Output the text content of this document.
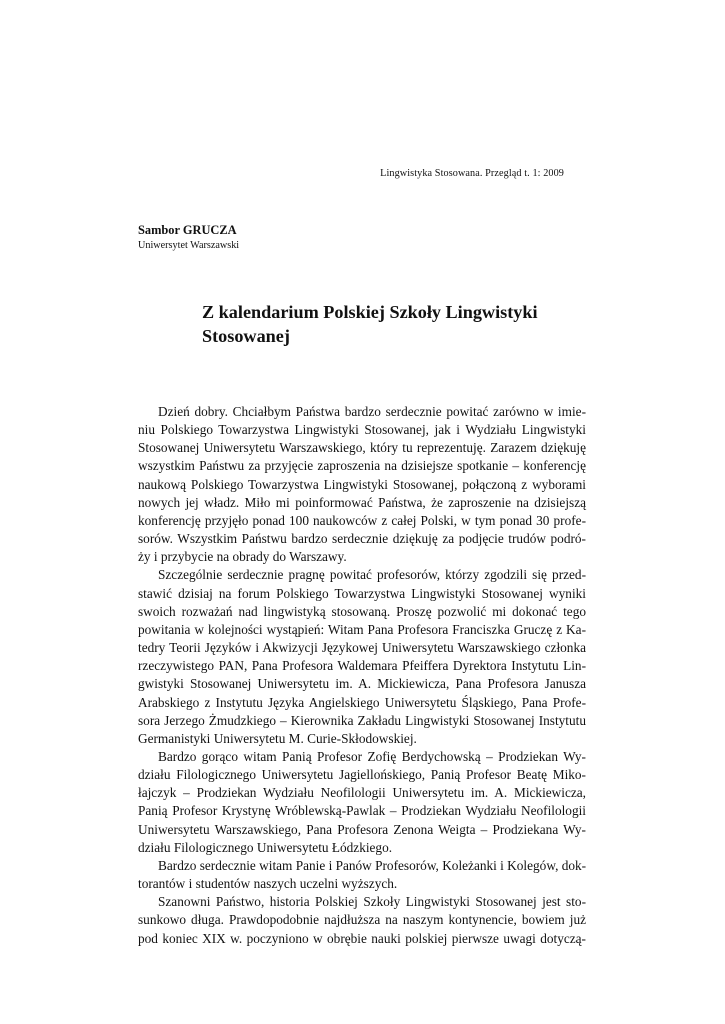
Lingwistyka Stosowana. Przegląd t. 1: 2009
Sambor GRUCZA
Uniwersytet Warszawski
Z kalendarium Polskiej Szkoły Lingwistyki
Stosowanej
Dzień dobry. Chciałbym Państwa bardzo serdecznie powitać zarówno w imie-
niu Polskiego Towarzystwa Lingwistyki Stosowanej, jak i Wydziału Lingwistyki
Stosowanej Uniwersytetu Warszawskiego, który tu reprezentuję. Zarazem dziękuję
wszystkim Państwu za przyjęcie zaproszenia na dzisiejsze spotkanie – konferencję
naukową Polskiego Towarzystwa Lingwistyki Stosowanej, połączoną z wyborami
nowych jej władz. Miło mi poinformować Państwa, że zaproszenie na dzisiejszą
konferencję przyjęło ponad 100 naukowców z całej Polski, w tym ponad 30 profe-
sorów. Wszystkim Państwu bardzo serdecznie dziękuję za podjęcie trudów podró-
ży i przybycie na obrady do Warszawy.
Szczególnie serdecznie pragnę powitać profesorów, którzy zgodzili się przed-
stawić dzisiaj na forum Polskiego Towarzystwa Lingwistyki Stosowanej wyniki
swoich rozważań nad lingwistyką stosowaną. Proszę pozwolić mi dokonać tego
powitania w kolejności wystąpień: Witam Pana Profesora Franciszka Gruczę z Ka-
tedry Teorii Języków i Akwizycji Językowej Uniwersytetu Warszawskiego członka
rzeczywistego PAN, Pana Profesora Waldemara Pfeiffera Dyrektora Instytutu Lin-
gwistyki Stosowanej Uniwersytetu im. A. Mickiewicza, Pana Profesora Janusza
Arabskiego z Instytutu Języka Angielskiego Uniwersytetu Śląskiego, Pana Profe-
sora Jerzego Żmudzkiego – Kierownika Zakładu Lingwistyki Stosowanej Instytutu
Germanistyki Uniwersytetu M. Curie-Skłodowskiej.
Bardzo gorąco witam Panią Profesor Zofię Berdychowską – Prodziekan Wy-
działu Filologicznego Uniwersytetu Jagiellońskiego, Panią Profesor Beatę Miko-
łajczyk – Prodziekan Wydziału Neofilologii Uniwersytetu im. A. Mickiewicza,
Panią Profesor Krystynę Wróblewską-Pawlak – Prodziekan Wydziału Neofilologii
Uniwersytetu Warszawskiego, Pana Profesora Zenona Weigta – Prodziekana Wy-
działu Filologicznego Uniwersytetu Łódzkiego.
Bardzo serdecznie witam Panie i Panów Profesorów, Koleżanki i Kolegów, dok-
torantów i studentów naszych uczelni wyższych.
Szanowni Państwo, historia Polskiej Szkoły Lingwistyki Stosowanej jest sto-
sunkowo długa. Prawdopodobnie najdłuższa na naszym kontynencie, bowiem już
pod koniec XIX w. poczyniono w obrębie nauki polskiej pierwsze uwagi dotyczą-
